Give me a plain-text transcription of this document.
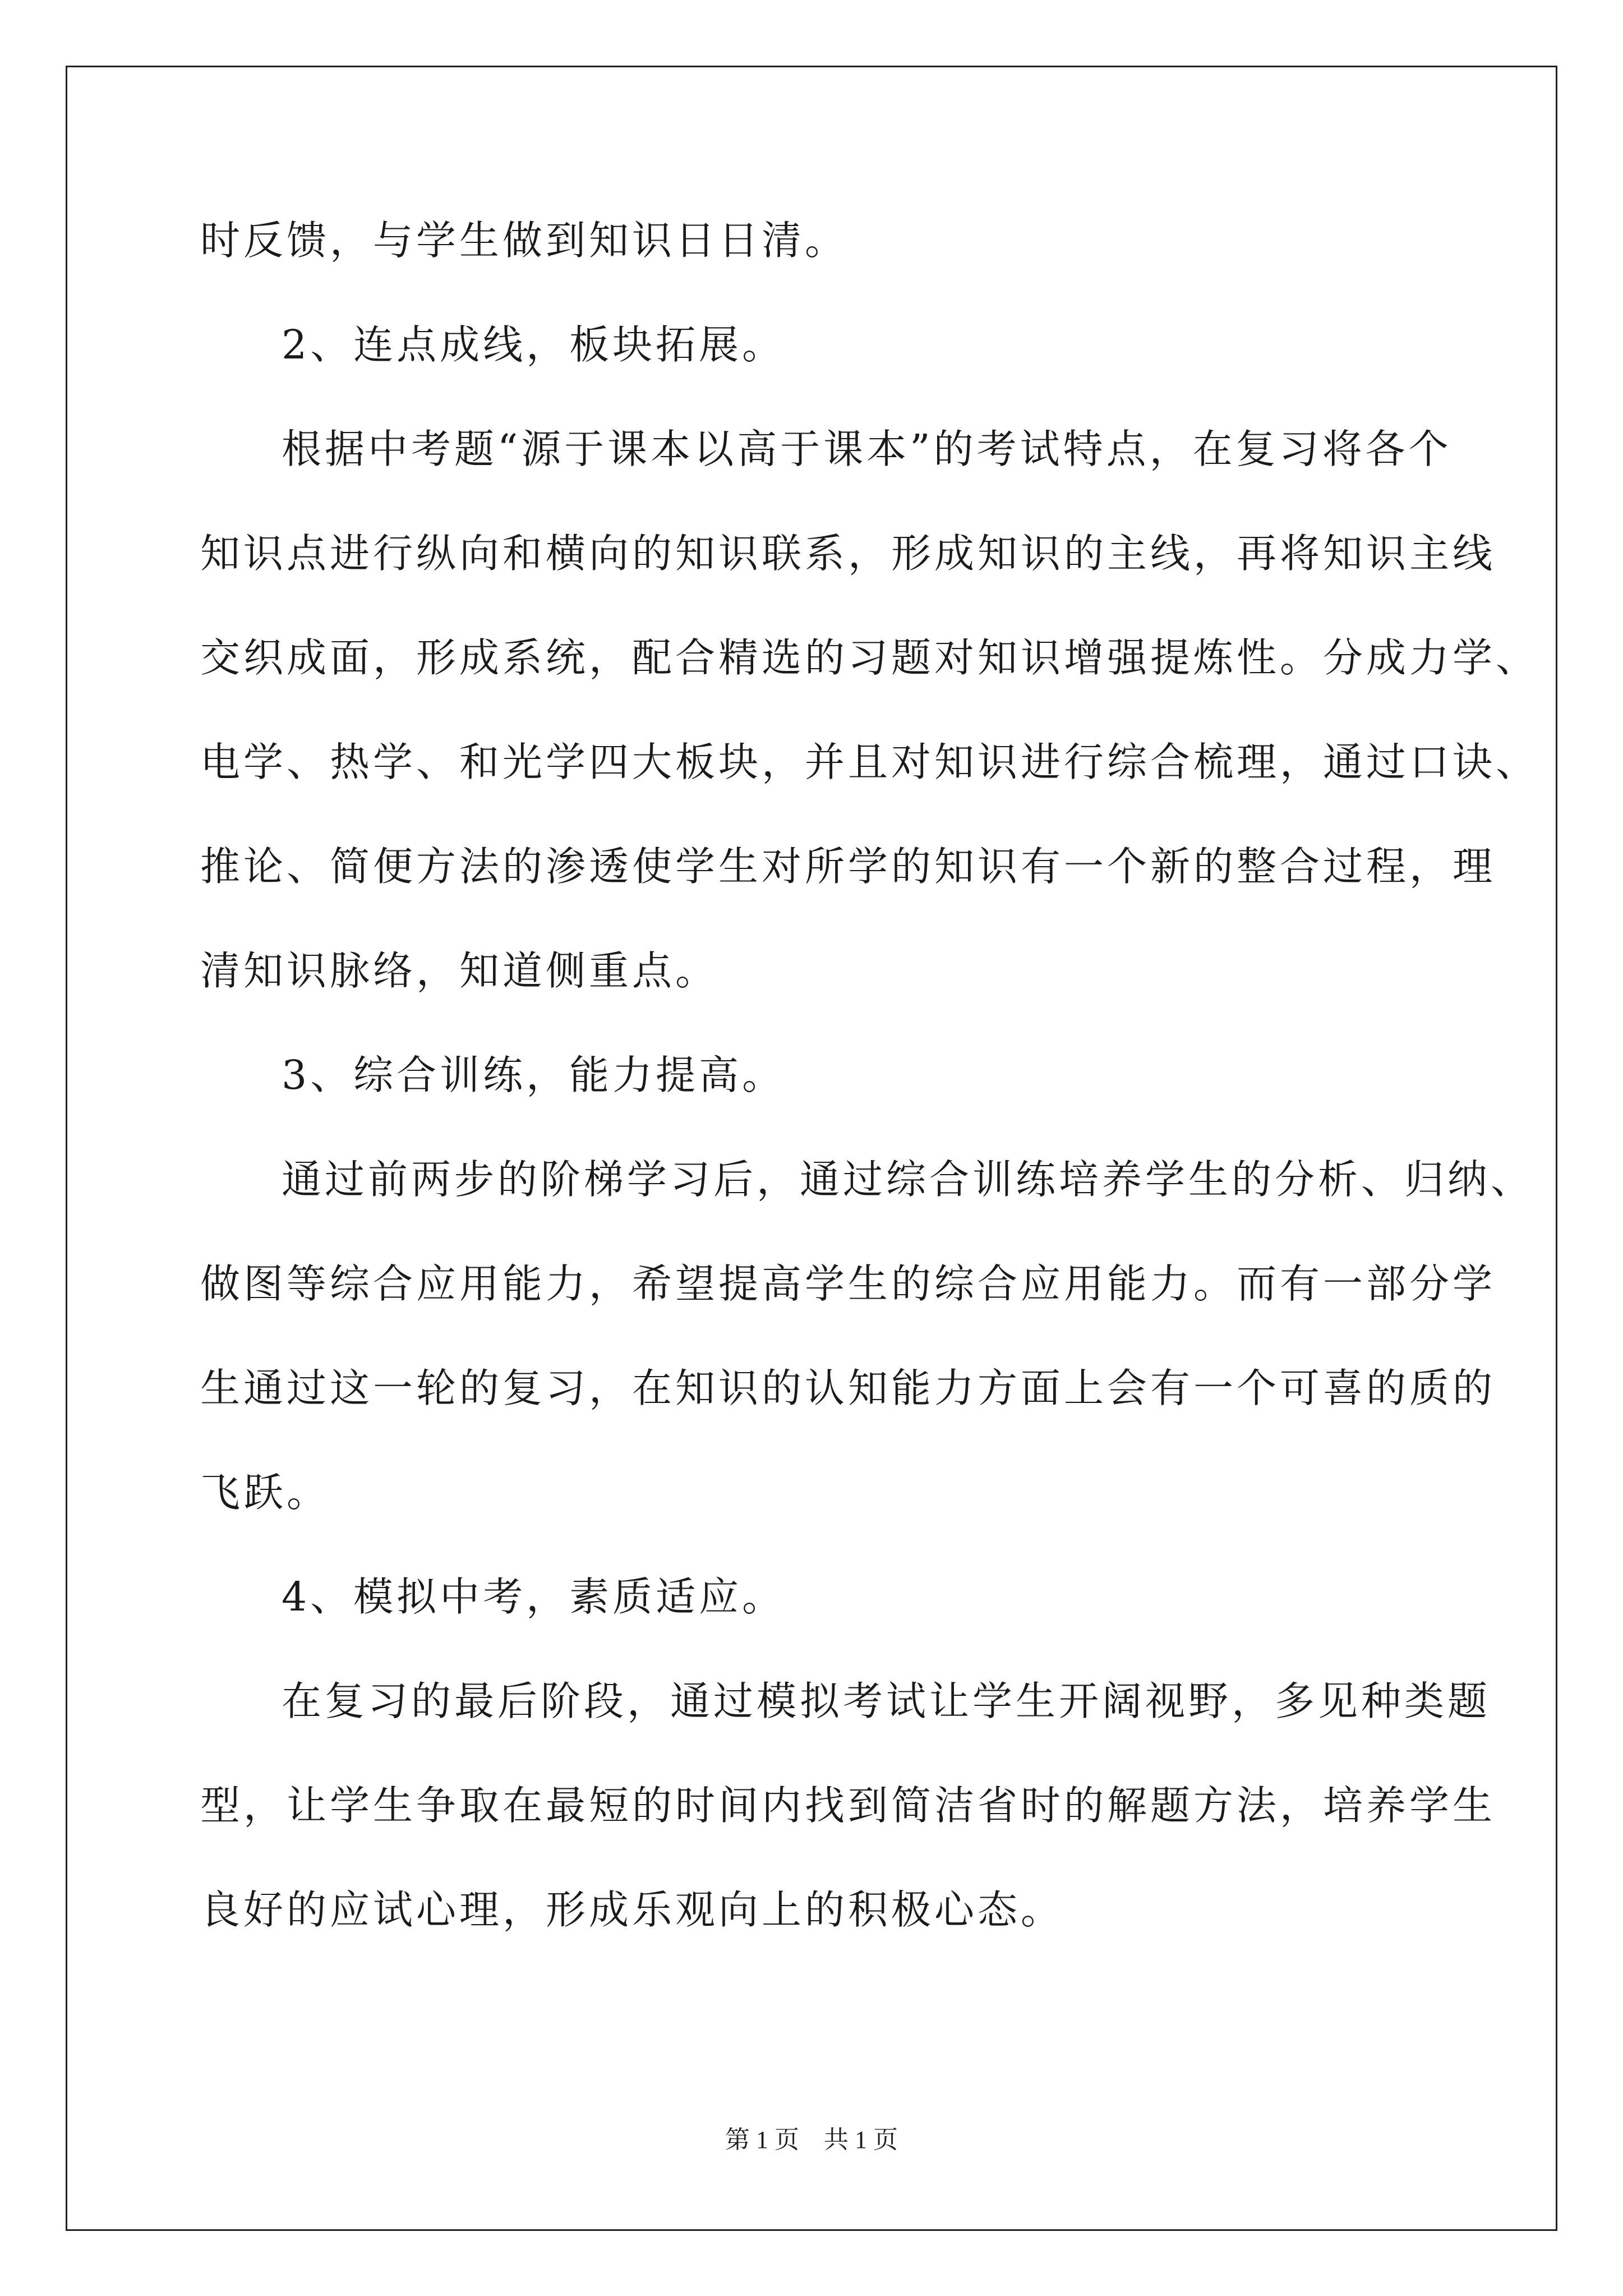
时反馈，与学生做到知识日日清。
2、连点成线，板块拓展。
根据中考题“源于课本以高于课本”的考试特点，在复习将各个
知识点进行纵向和横向的知识联系，形成知识的主线，再将知识主线
交织成面，形成系统，配合精选的习题对知识增强提炼性。分成力学、
电学、热学、和光学四大板块，并且对知识进行综合梳理，通过口诀、
推论、简便方法的渗透使学生对所学的知识有一个新的整合过程，理
清知识脉络，知道侧重点。
3、综合训练，能力提高。
通过前两步的阶梯学习后，通过综合训练培养学生的分析、归纳、
做图等综合应用能力，希望提高学生的综合应用能力。而有一部分学
生通过这一轮的复习，在知识的认知能力方面上会有一个可喜的质的
飞跃。
4、模拟中考，素质适应。
在复习的最后阶段，通过模拟考试让学生开阔视野，多见种类题
型，让学生争取在最短的时间内找到简洁省时的解题方法，培养学生
良好的应试心理，形成乐观向上的积极心态。
第 1 页　共 1 页
